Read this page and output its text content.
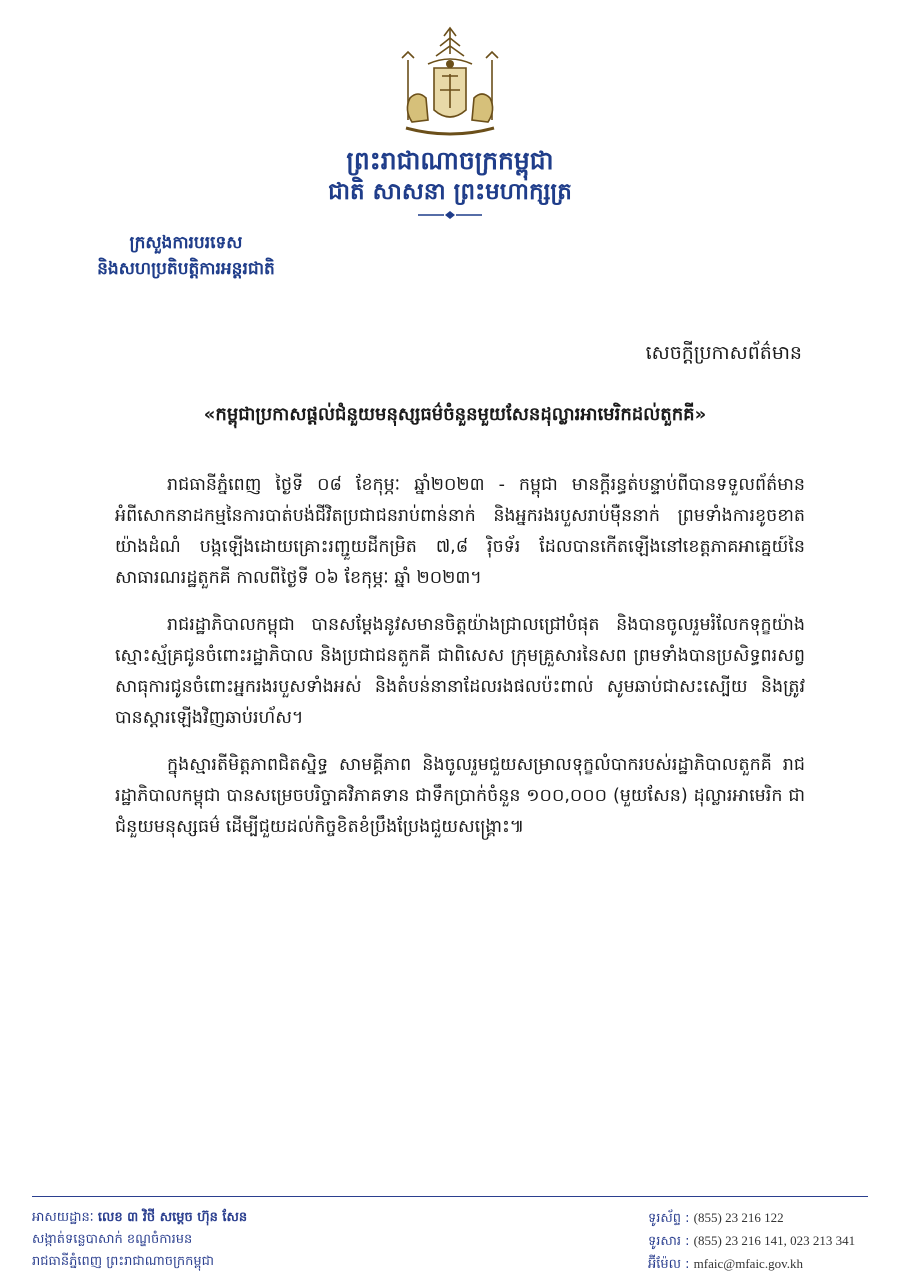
ព្រះរាជាណាចក្រកម្ពុជា
ជាតិ សាសនា ព្រះមហាក្សត្រ
ក្រសួងការបរទេស
និងសហប្រតិបត្តិការអន្តរជាតិ
សេចក្តីប្រកាសព័ត៌មាន
«កម្ពុជាប្រកាសផ្តល់ជំនួយមនុស្សធម៌ចំនួនមួយសែនដុល្លារអាមេរិកដល់តួកគី»

រាជធានីភ្នំពេញ ថ្ងៃទី ០៨ ខែកុម្ភៈ ឆ្នាំ២០២៣ - កម្ពុជា មានក្តីរន្ធត់បន្ទាប់ពីបានទទួលព័ត៌មានអំពីសោកនាដកម្មនៃការបាត់បង់ជីវិតប្រជាជនរាប់ពាន់នាក់ និងអ្នករងរបួសរាប់ម៉ឺននាក់ ព្រមទាំងការខូចខាតយ៉ាងដំណំ បង្កឡើងដោយគ្រោះរញ្ជួយដីកម្រិត ៧,៨ រ៉ិចទ័រ ដែលបានកើតឡើងនៅខេត្តភាគអាគ្នេយ៍នៃសាធារណរដ្ឋតួកគី កាលពីថ្ងៃទី ០៦ ខែកុម្ភៈ ឆ្នាំ ២០២៣។

រាជរដ្ឋាភិបាលកម្ពុជា បានសម្តែងនូវសមានចិត្តយ៉ាងជ្រាលជ្រៅបំផុត និងបានចូលរួមរំលែកទុក្ខយ៉ាងស្មោះស្ម័គ្រជូនចំពោះរដ្ឋាភិបាល និងប្រជាជនតួកគី ជាពិសេស ក្រុមគ្រួសារនៃសព ព្រមទាំងបានប្រសិទ្ធពរសព្វសាធុការជូនចំពោះអ្នករងរបួសទាំងអស់ និងតំបន់នានាដែលរងផលប៉ះពាល់ សូមឆាប់ជាសះស្បើយ និងត្រូវបានស្តារឡើងវិញឆាប់រហ័ស។

ក្នុងស្មារតីមិត្តភាពជិតស្និទ្ធ សាមគ្គីភាព និងចូលរួមជួយសម្រាលទុក្ខលំបាករបស់រដ្ឋាភិបាលតួកគី រាជរដ្ឋាភិបាលកម្ពុជា បានសម្រេចបរិច្ចាគវិភាគទាន ជាទឹកប្រាក់ចំនួន ១០០,០០០ (មួយសែន) ដុល្លារអាមេរិក ជាជំនួយមនុស្សធម៌ ដើម្បីជួយដល់កិច្ចខិតខំប្រឹងប្រែងជួយសង្គ្រោះ៕

អាសយដ្ឋានៈ លេខ ៣ វិថី សម្តេច ហ៊ុន សែន
សង្កាត់ទន្លេបាសាក់ ខណ្ឌចំការមន
រាជធានីភ្នំពេញ ព្រះរាជាណាចក្រកម្ពុជា
ទូរស័ព្ទ : (855) 23 216 122
ទូរសារ : (855) 23 216 141, 023 213 341
អ៊ីម៉ែល : mfaic@mfaic.gov.kh
